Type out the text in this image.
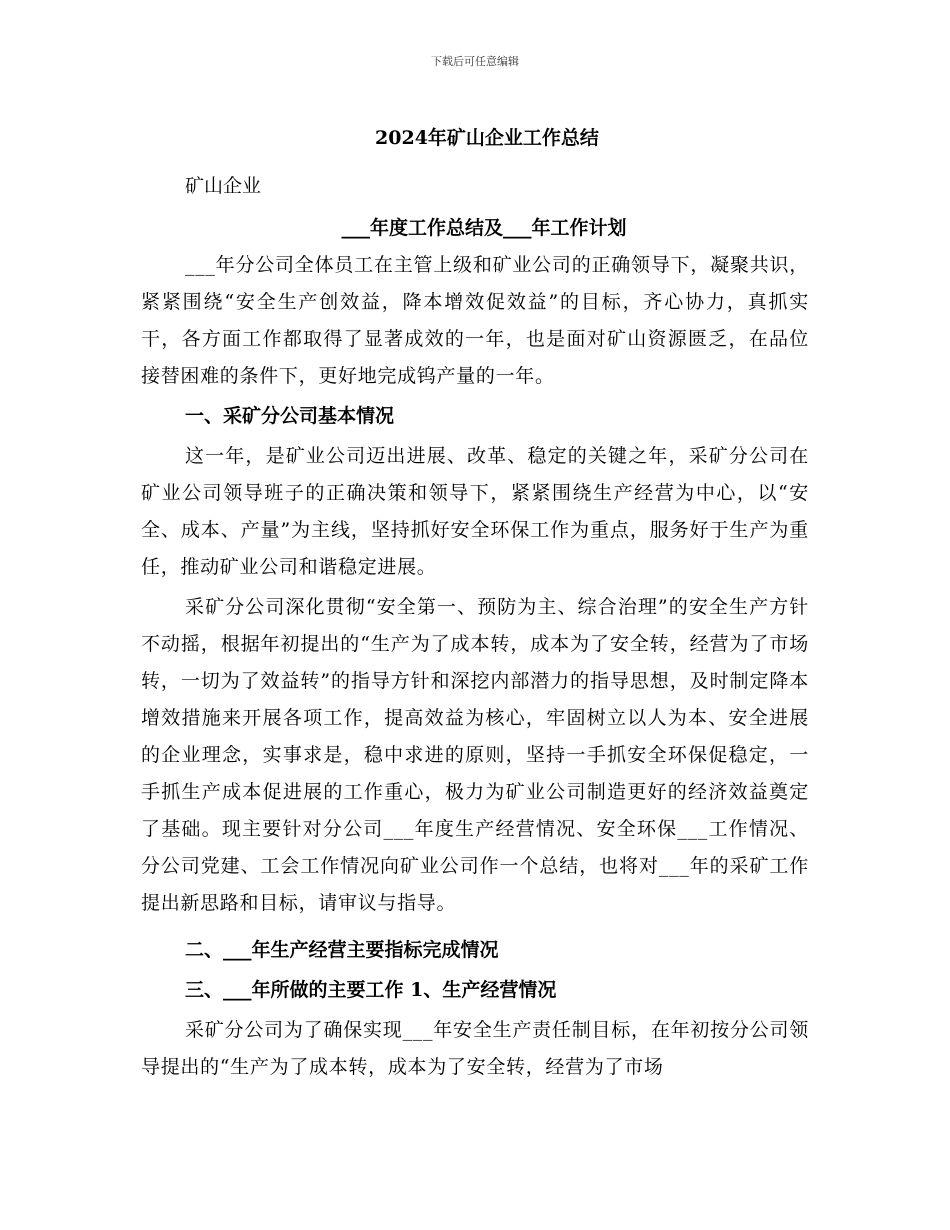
下载后可任意编辑
2024年矿山企业工作总结
矿山企业
___年度工作总结及___年工作计划

___年分公司全体员工在主管上级和矿业公司的正确领导下，凝聚共识，紧紧围绕“安全生产创效益，降本增效促效益”的目标，齐心协力，真抓实干，各方面工作都取得了显著成效的一年，也是面对矿山资源匮乏，在品位接替困难的条件下，更好地完成钨产量的一年。

一、采矿分公司基本情况

这一年，是矿业公司迈出进展、改革、稳定的关键之年，采矿分公司在矿业公司领导班子的正确决策和领导下，紧紧围绕生产经营为中心，以“安全、成本、产量”为主线，坚持抓好安全环保工作为重点，服务好于生产为重任，推动矿业公司和谐稳定进展。

采矿分公司深化贯彻“安全第一、预防为主、综合治理”的安全生产方针不动摇，根据年初提出的“生产为了成本转，成本为了安全转，经营为了市场转，一切为了效益转”的指导方针和深挖内部潜力的指导思想，及时制定降本增效措施来开展各项工作，提高效益为核心，牢固树立以人为本、安全进展的企业理念，实事求是，稳中求进的原则，坚持一手抓安全环保促稳定，一手抓生产成本促进展的工作重心，极力为矿业公司制造更好的经济效益奠定了基础。现主要针对分公司___年度生产经营情况、安全环保___工作情况、分公司党建、工会工作情况向矿业公司作一个总结，也将对___年的采矿工作提出新思路和目标，请审议与指导。

二、___年生产经营主要指标完成情况
三、___年所做的主要工作 1、生产经营情况

采矿分公司为了确保实现___年安全生产责任制目标，在年初按分公司领导提出的“生产为了成本转，成本为了安全转，经营为了市场
